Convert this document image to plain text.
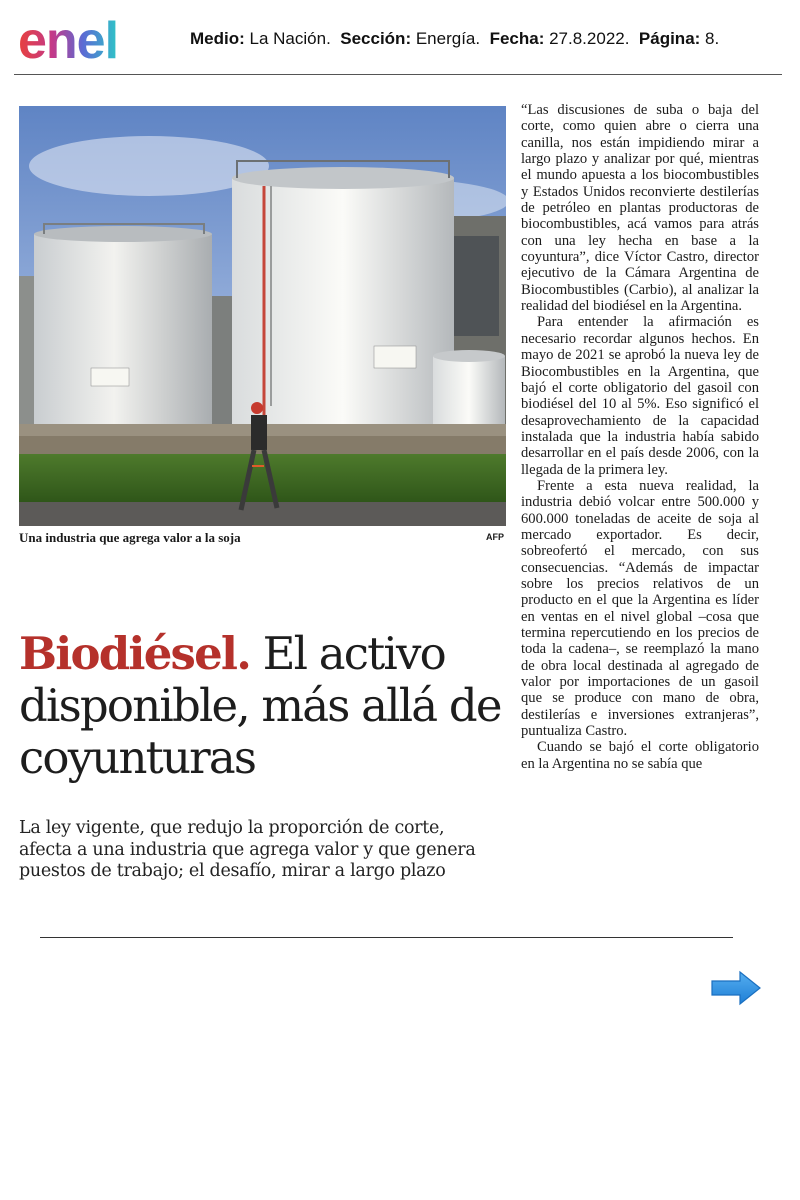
enel	Medio: La Nación. Sección: Energía. Fecha: 27.8.2022. Página: 8.
Una industria que agrega valor a la soja	AFP
Biodiésel. El activo disponible, más allá de coyunturas
La ley vigente, que redujo la proporción de corte, afecta a una industria que agrega valor y que genera puestos de trabajo; el desafío, mirar a largo plazo

“Las discusiones de suba o baja del corte, como quien abre o cierra una canilla, nos están impidiendo mirar a largo plazo y analizar por qué, mientras el mundo apuesta a los biocombustibles y Estados Unidos reconvierte destilerías de petróleo en plantas productoras de biocombustibles, acá vamos para atrás con una ley hecha en base a la coyuntura”, dice Víctor Castro, director ejecutivo de la Cámara Argentina de Biocombustibles (Carbio), al analizar la realidad del biodiésel en la Argentina.

Para entender la afirmación es necesario recordar algunos hechos. En mayo de 2021 se aprobó la nueva ley de Biocombustibles en la Argentina, que bajó el corte obligatorio del gasoil con biodiésel del 10 al 5%. Eso significó el desaprovechamiento de la capacidad instalada que la industria había sabido desarrollar en el país desde 2006, con la llegada de la primera ley.

Frente a esta nueva realidad, la industria debió volcar entre 500.000 y 600.000 toneladas de aceite de soja al mercado exportador. Es decir, sobreofertó el mercado, con sus consecuencias. “Además de impactar sobre los precios relativos de un producto en el que la Argentina es líder en ventas en el nivel global –cosa que termina repercutiendo en los precios de toda la cadena–, se reemplazó la mano de obra local destinada al agregado de valor por importaciones de un gasoil que se produce con mano de obra, destilerías e inversiones extranjeras”, puntualiza Castro.

Cuando se bajó el corte obligatorio en la Argentina no se sabía que
